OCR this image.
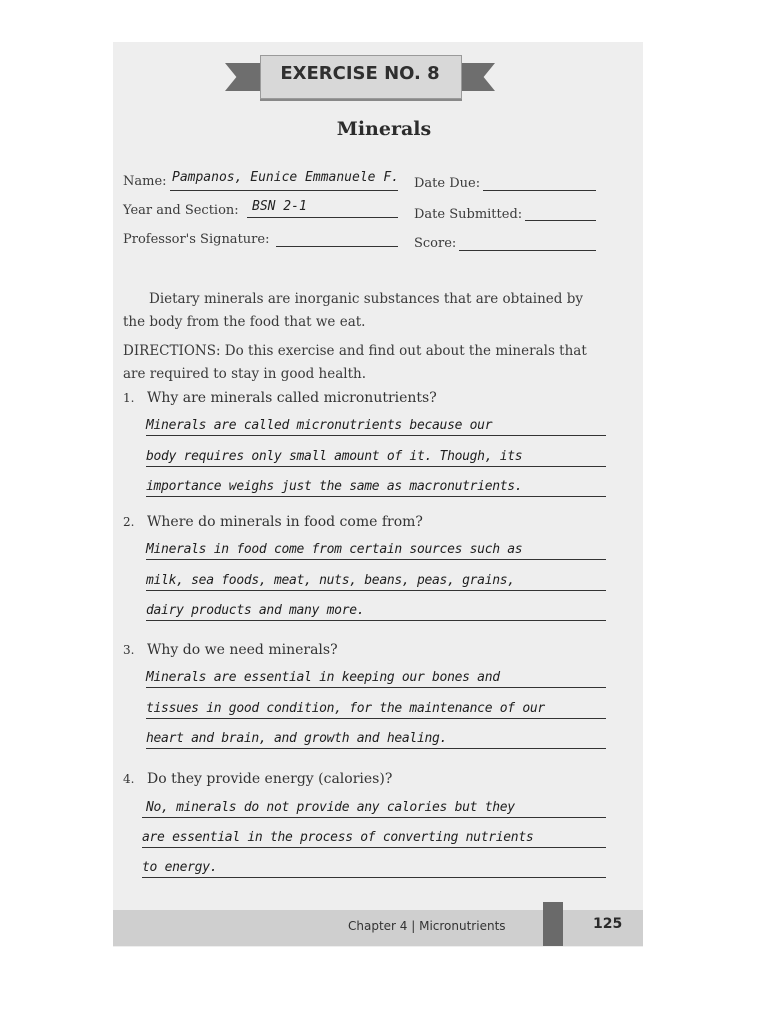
EXERCISE NO. 8
Minerals
Name: Pampanos, Eunice Emmanuele F. Date Due:
Year and Section: BSN 2-1
Date Submitted:
Professor's Signature:	Score:
Dietary minerals are inorganic substances that are obtained by the body from the food that we eat.
DIRECTIONS: Do this exercise and find out about the minerals that are required to stay in good health.
1. Why are minerals called micronutrients?
Minerals are called micronutrients because our
body requires only small amount of it. Though, its
importance weighs just the same as macronutrients.
2. Where do minerals in food come from?
Minerals in food come from certain sources such as
milk, sea foods, meat, nuts, beans, peas, grains,
dairy products and many more.
3. Why do we need minerals?
Minerals are essential in keeping our bones and
tissues in good condition, for the maintenance of our
heart and brain, and growth and healing.
4. Do they provide energy (calories)?
No, minerals do not provide any calories but they
are essential in the process of converting nutrients
to energy.
Chapter 4 | Micronutrients	125
